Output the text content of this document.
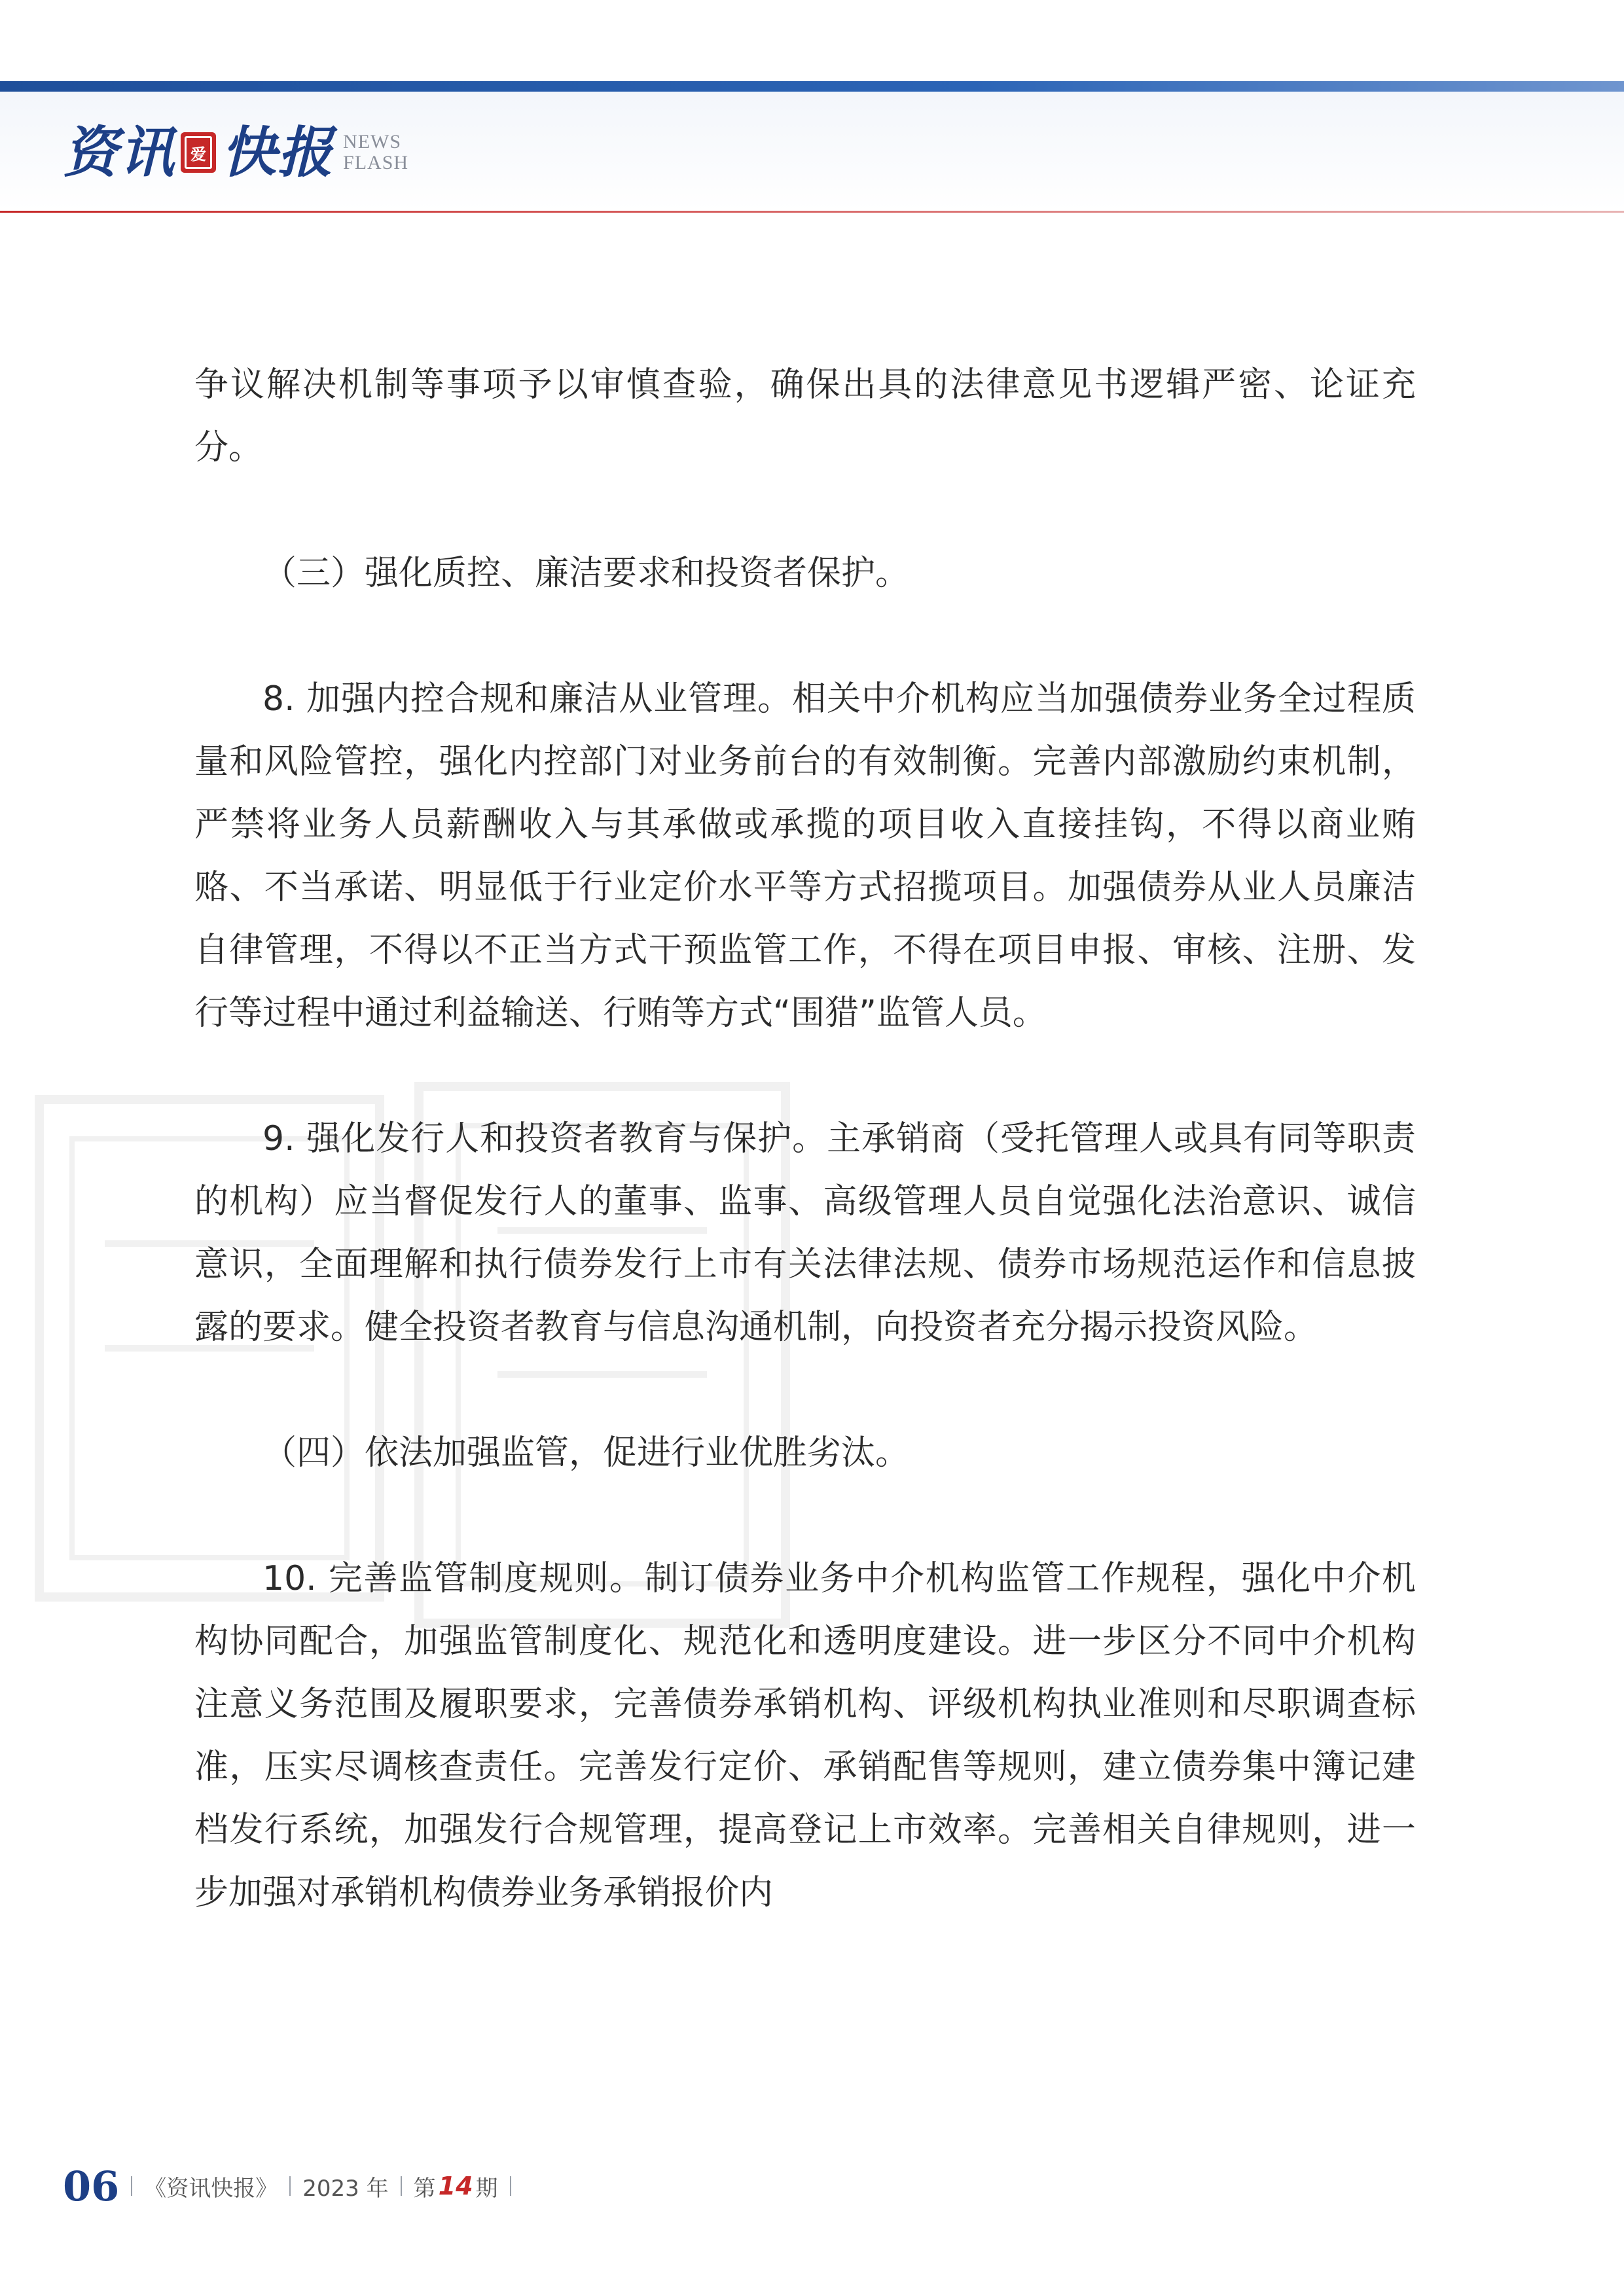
资讯 爱 快报 NEWS
FLASH

争议解决机制等事项予以审慎查验，确保出具的法律意见书逻辑严密、论证充分。

（三）强化质控、廉洁要求和投资者保护。

8. 加强内控合规和廉洁从业管理。相关中介机构应当加强债券业务全过程质量和风险管控，强化内控部门对业务前台的有效制衡。完善内部激励约束机制，严禁将业务人员薪酬收入与其承做或承揽的项目收入直接挂钩，不得以商业贿赂、不当承诺、明显低于行业定价水平等方式招揽项目。加强债券从业人员廉洁自律管理，不得以不正当方式干预监管工作，不得在项目申报、审核、注册、发行等过程中通过利益输送、行贿等方式“围猎”监管人员。

9. 强化发行人和投资者教育与保护。主承销商（受托管理人或具有同等职责的机构）应当督促发行人的董事、监事、高级管理人员自觉强化法治意识、诚信意识，全面理解和执行债券发行上市有关法律法规、债券市场规范运作和信息披露的要求。健全投资者教育与信息沟通机制，向投资者充分揭示投资风险。

（四）依法加强监管，促进行业优胜劣汰。

10. 完善监管制度规则。制订债券业务中介机构监管工作规程，强化中介机构协同配合，加强监管制度化、规范化和透明度建设。进一步区分不同中介机构注意义务范围及履职要求，完善债券承销机构、评级机构执业准则和尽职调查标准，压实尽调核查责任。完善发行定价、承销配售等规则，建立债券集中簿记建档发行系统，加强发行合规管理，提高登记上市效率。完善相关自律规则，进一步加强对承销机构债券业务承销报价内

06 《资讯快报》 2023 年 第 14 期
